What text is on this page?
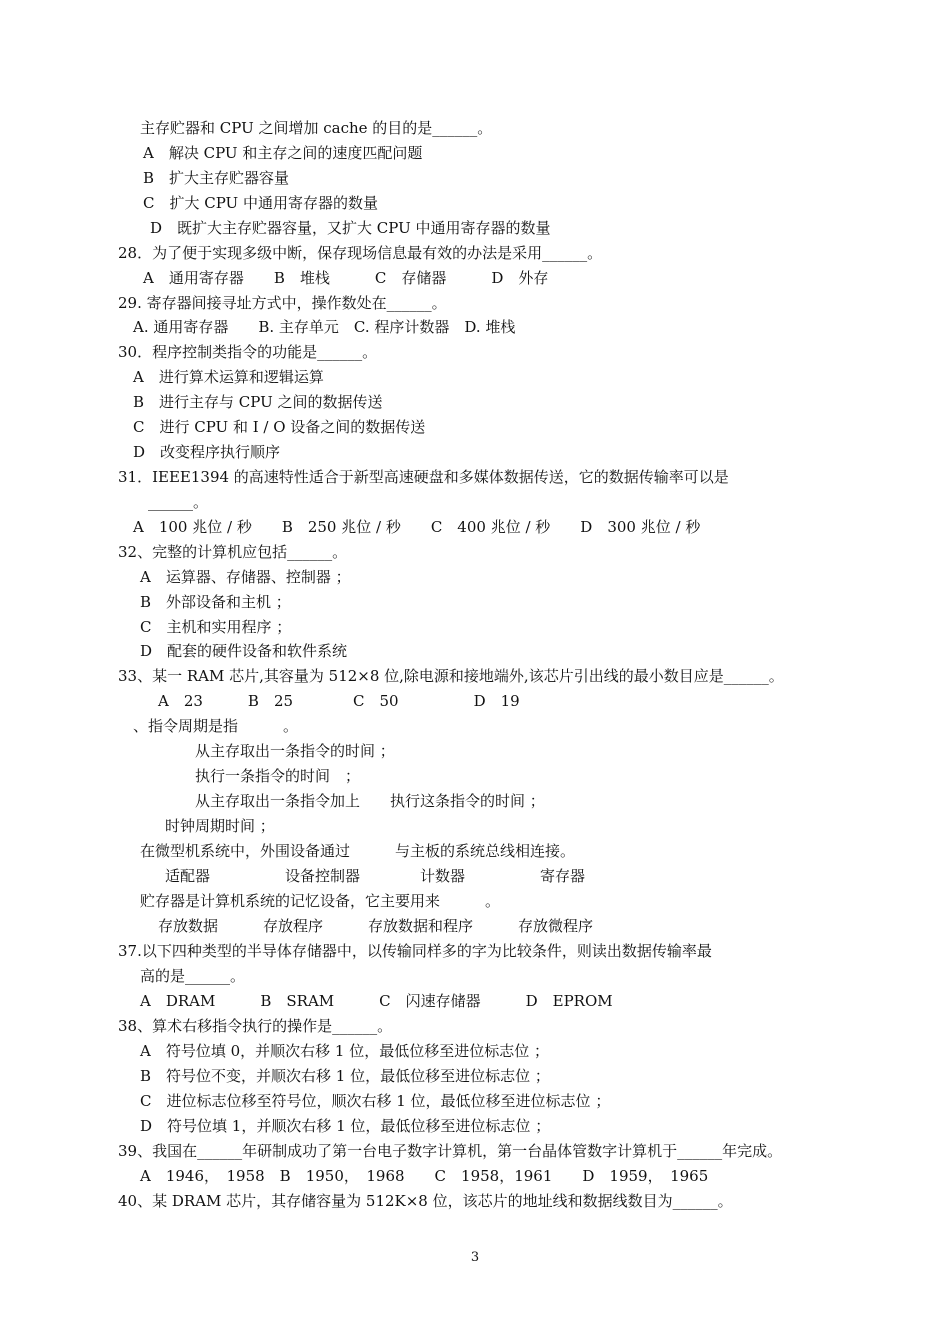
主存贮器和 CPU 之间增加 cache 的目的是______。
A　解决 CPU 和主存之间的速度匹配问题
B　扩大主存贮器容量
C　扩大 CPU 中通用寄存器的数量
D　既扩大主存贮器容量，又扩大 CPU 中通用寄存器的数量
28．为了便于实现多级中断，保存现场信息最有效的办法是采用______。
A　通用寄存器　　B　堆栈　　　C　存储器　　　D　外存
29. 寄存器间接寻址方式中，操作数处在______。
A. 通用寄存器　　B. 主存单元　C. 程序计数器　D. 堆栈
30．程序控制类指令的功能是______。
A　进行算术运算和逻辑运算
B　进行主存与 CPU 之间的数据传送
C　进行 CPU 和 I / O 设备之间的数据传送
D　改变程序执行顺序
31．IEEE1394 的高速特性适合于新型高速硬盘和多媒体数据传送，它的数据传输率可以是
______。
A　100 兆位 / 秒　　B　250 兆位 / 秒　　C　400 兆位 / 秒　　D　300 兆位 / 秒
32、完整的计算机应包括______。
A　运算器、存储器、控制器 ；
B　外部设备和主机 ；
C　主机和实用程序 ；
D　配套的硬件设备和软件系统
33、某一 RAM 芯片,其容量为 512×8 位,除电源和接地端外,该芯片引出线的最小数目应是______。
A　23　　　B　25　　　　C　50　　　　　D　19
、指令周期是指　　　。
从主存取出一条指令的时间 ；
执行一条指令的时间　；
从主存取出一条指令加上　　执行这条指令的时间 ；
时钟周期时间 ；
在微型机系统中，外围设备通过　　　与主板的系统总线相连接。
适配器　　　　　设备控制器　　　　计数器　　　　　寄存器
贮存器是计算机系统的记忆设备，它主要用来　　　。
存放数据　　　存放程序　　　存放数据和程序　　　存放微程序
37.以下四种类型的半导体存储器中，以传输同样多的字为比较条件，则读出数据传输率最
高的是______。
A　DRAM　　　B　SRAM　　　C　闪速存储器　　　D　EPROM
38、算术右移指令执行的操作是______。
A　符号位填 0，并顺次右移 1 位，最低位移至进位标志位 ；
B　符号位不变，并顺次右移 1 位，最低位移至进位标志位 ；
C　进位标志位移至符号位，顺次右移 1 位，最低位移至进位标志位 ；
D　符号位填 1，并顺次右移 1 位，最低位移至进位标志位 ；
39、我国在______年研制成功了第一台电子数字计算机，第一台晶体管数字计算机于______年完成。
A　1946，　1958　B　1950，　1968　　C　1958，1961　　D　1959，　1965
40、某 DRAM 芯片，其存储容量为 512K×8 位，该芯片的地址线和数据线数目为______。
3
